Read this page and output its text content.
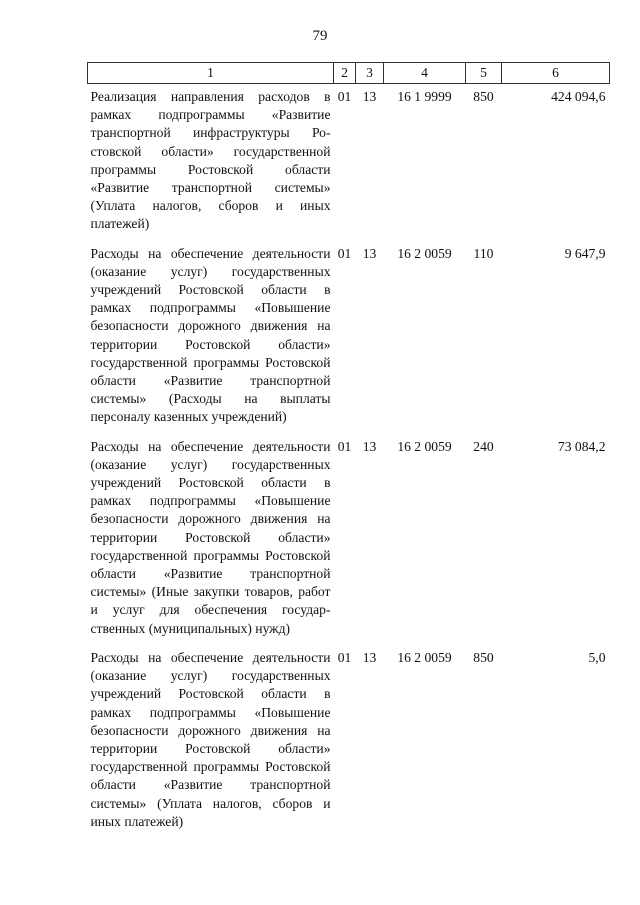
79
1	2	3	4	5	6
Реализация направления расходов в рамках подпрограммы «Развитие транспортной инфраструктуры Ростовской области» государственной программы Ростовской области «Развитие транспортной системы» (Уплата налогов, сборов и иных платежей)	01	13	16 1 9999	850	424 094,6
Расходы на обеспечение деятельности (оказание услуг) государственных учреждений Ростовской области в рамках подпрограммы «Повышение безопасности дорожного движения на территории Ростовской области» государственной программы Ростовской области «Развитие транспортной системы» (Расходы на выплаты персоналу казенных учреждений)	01	13	16 2 0059	110	9 647,9
Расходы на обеспечение деятельности (оказание услуг) государственных учреждений Ростовской области в рамках подпрограммы «Повышение безопасности дорожного движения на территории Ростовской области» государственной программы Ростовской области «Развитие транспортной системы» (Иные закупки товаров, работ и услуг для обеспечения государственных (муниципальных) нужд)	01	13	16 2 0059	240	73 084,2
Расходы на обеспечение деятельности (оказание услуг) государственных учреждений Ростовской области в рамках подпрограммы «Повышение безопасности дорожного движения на территории Ростовской области» государственной программы Ростовской области «Развитие транспортной системы» (Уплата налогов, сборов и иных платежей)	01	13	16 2 0059	850	5,0
